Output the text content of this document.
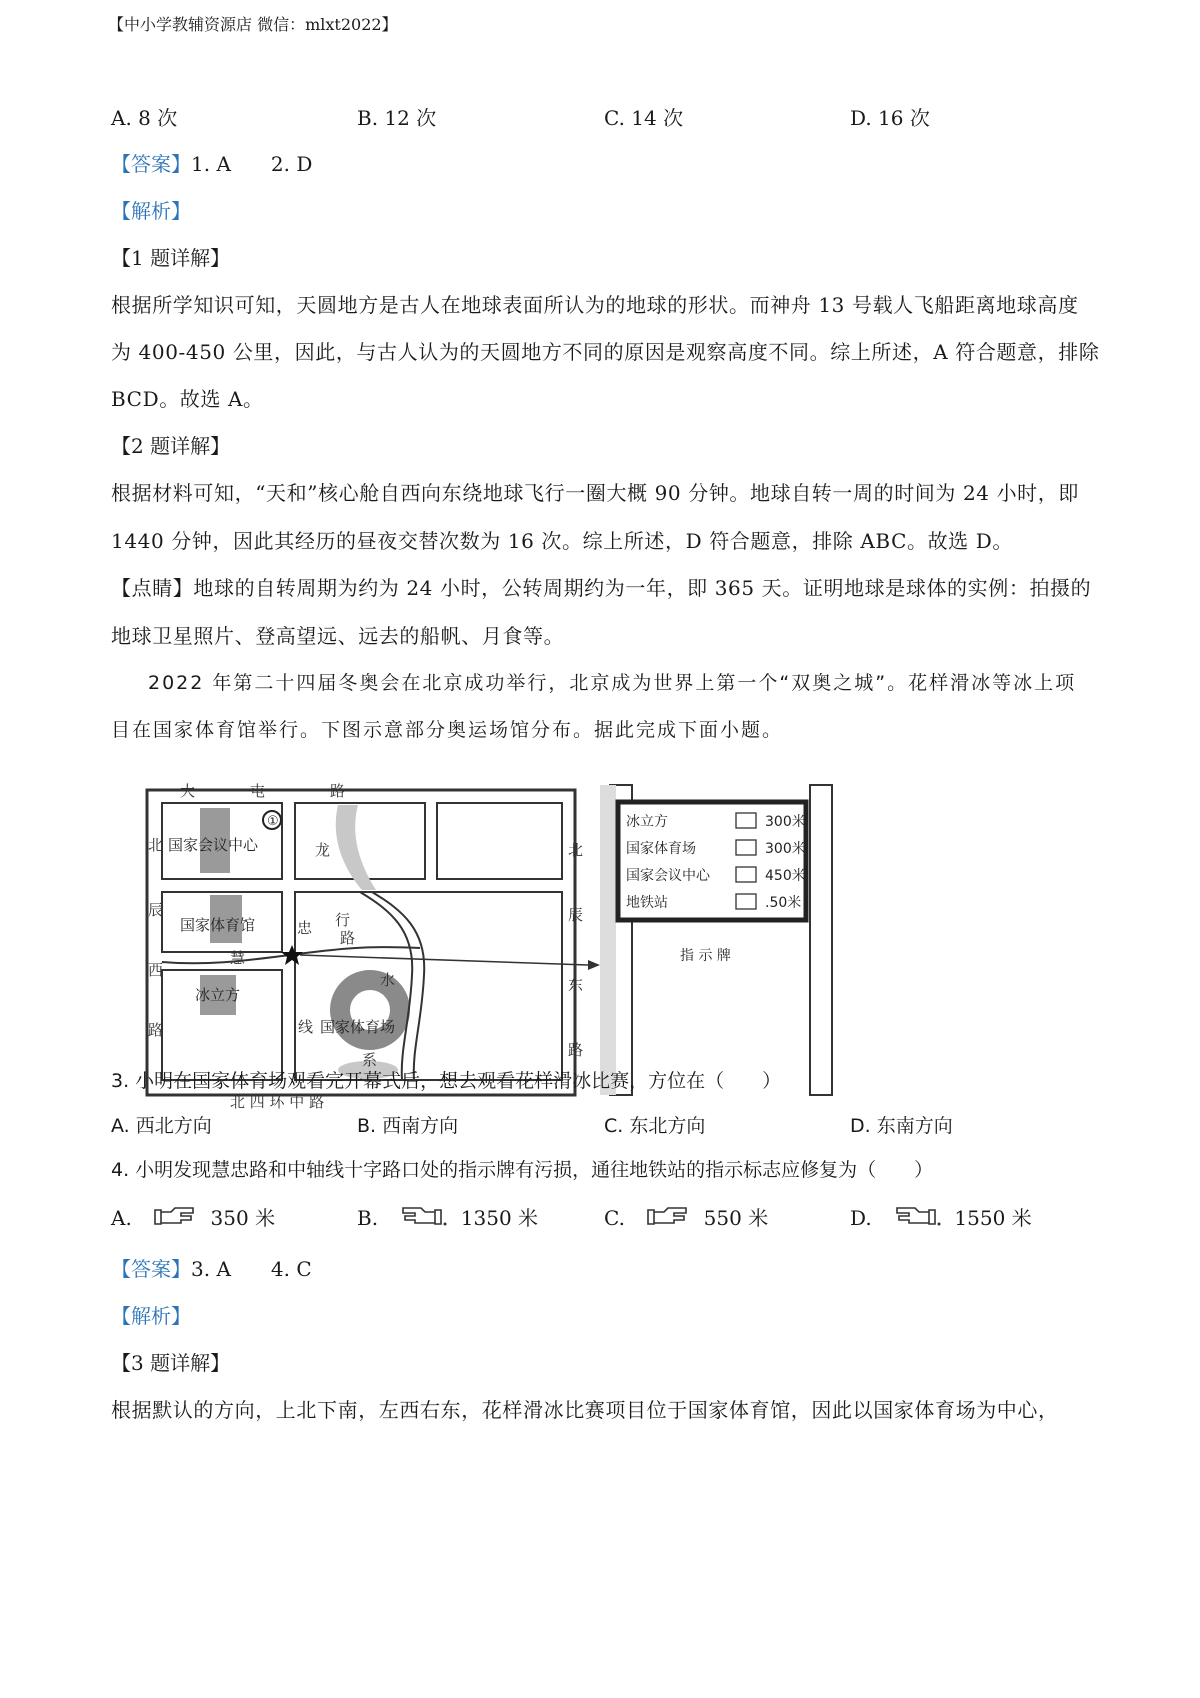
【中小学教辅资源店 微信：mlxt2022】
A. 8 次	B. 12 次	C. 14 次	D. 16 次
【答案】1. A　　2. D
【解析】
【1 题详解】
根据所学知识可知，天圆地方是古人在地球表面所认为的地球的形状。而神舟 13 号载人飞船距离地球高度
为 400-450 公里，因此，与古人认为的天圆地方不同的原因是观察高度不同。综上所述，A 符合题意，排除
BCD。故选 A。
【2 题详解】
根据材料可知，“天和”核心舱自西向东绕地球飞行一圈大概 90 分钟。地球自转一周的时间为 24 小时，即
1440 分钟，因此其经历的昼夜交替次数为 16 次。综上所述，D 符合题意，排除 ABC。故选 D。
【点睛】地球的自转周期为约为 24 小时，公转周期约为一年，即 365 天。证明地球是球体的实例：拍摄的
地球卫星照片、登高望远、远去的船帆、月食等。
2022 年第二十四届冬奥会在北京成功举行，北京成为世界上第一个“双奥之城”。花样滑冰等冰上项
目在国家体育馆举行。下图示意部分奥运场馆分布。据此完成下面小题。
①
大	屯	路
北
辰
西
路
北
辰
东
路
北 四 环 中 路
慧
忠
路
龙
行
水
系
线
国家会议中心
国家体育馆
冰立方
国家体育场
冰立方	300米
国家体育场	300米
国家会议中心	450米
地铁站	.50米
指 示 牌
3. 小明在国家体育场观看完开幕式后，想去观看花样滑冰比赛，方位在（　　）
A. 西北方向	B. 西南方向	C. 东北方向	D. 东南方向
4. 小明发现慧忠路和中轴线十字路口处的指示牌有污损，通往地铁站的指示标志应修复为（　　）
A.	350 米	B.	1350 米	C.	550 米	D.	1550 米
【答案】3. A　　4. C
【解析】
【3 题详解】
根据默认的方向，上北下南，左西右东，花样滑冰比赛项目位于国家体育馆，因此以国家体育场为中心，
